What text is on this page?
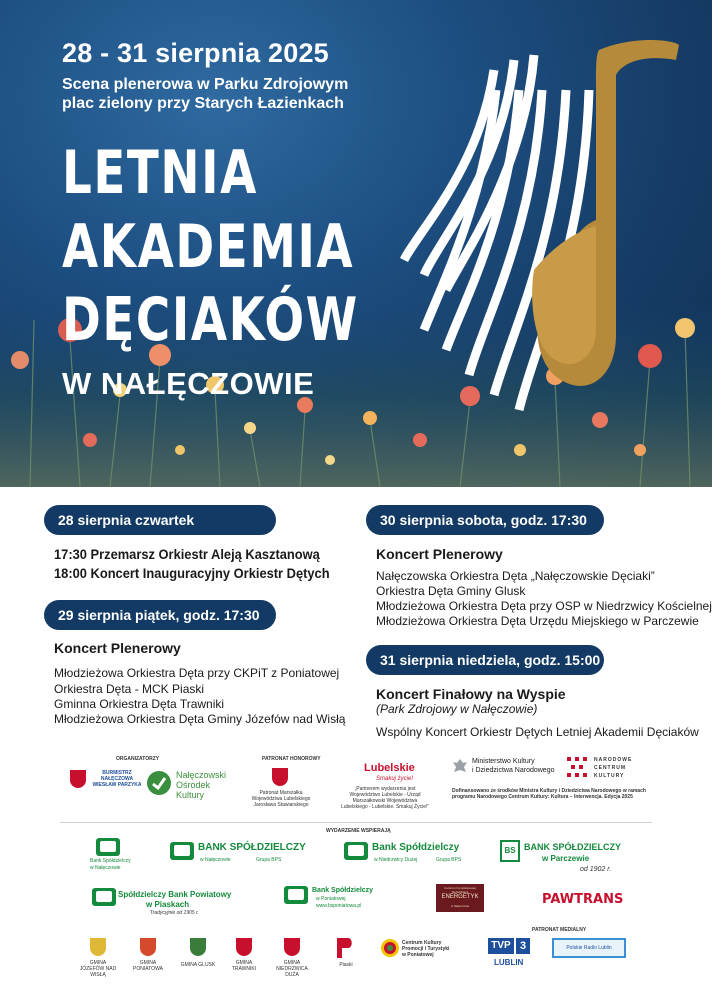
28 - 31 sierpnia 2025
Scena plenerowa w Parku Zdrojowym
plac zielony przy Starych Łazienkach
LETNIA
AKADEMIA
DĘCIAKÓW
W NAŁĘCZOWIE
28 sierpnia czwartek
17:30 Przemarsz Orkiestr Aleją Kasztanową
18:00 Koncert Inauguracyjny Orkiestr Dętych
29 sierpnia piątek, godz. 17:30
Koncert Plenerowy
Młodzieżowa Orkiestra Dęta przy CKPiT z Poniatowej
Orkiestra Dęta - MCK Piaski
Gminna Orkiestra Dęta Trawniki
Młodzieżowa Orkiestra Dęta Gminy Józefów nad Wisłą
30 sierpnia sobota, godz. 17:30
Koncert Plenerowy
Nałęczowska Orkiestra Dęta „Nałęczowskie Dęciaki”
Orkiestra Dęta Gminy Glusk
Młodzieżowa Orkiestra Dęta przy OSP w Niedrzwicy Kościelnej
Młodzieżowa Orkiestra Dęta Urzędu Miejskiego w Parczewie
31 sierpnia niedziela, godz. 15:00
Koncert Finałowy na Wyspie
(Park Zdrojowy w Nałęczowie)
Wspólny Koncert Orkiestr Dętych Letniej Akademii Dęciaków
ORGANIZATORZY
BURMISTRZ NAŁĘCZOWA WIESŁAW PARZYKA
Nałęczowski
Ośrodek
Kultury
PATRONAT HONOROWY
Patronat Marszałka Województwa Lubelskiego Jarosława Stawiarskiego
Lubelskie
Smakuj życie!
„Partnerem wydarzenia jest Województwo Lubelskie - Urząd Marszałkowski Województwa Lubelskiego - Lubelskie. Smakuj Życie!”
Ministerstwo Kultury
i Dziedzictwa Narodowego
NARODOWE
CENTRUM
KULTURY
Dofinansowano ze środków Ministra Kultury i Dziedzictwa Narodowego w ramach programu Narodowego Centrum Kultury: Kultura – Interwencja. Edycja 2025
WYDARZENIE WSPIERAJĄ
Bank Spółdzielczy
w Nałęczowie
BANK SPÓŁDZIELCZY
w Nałęczowie	Grupa BPS
Bank Spółdzielczy
w Niedrzwicy Dużej	Grupa BPS
BS BANK SPÓŁDZIELCZY
w Parczewie
od 1902 r.
Spółdzielczy Bank Powiatowy
w Piaskach
Tradycyjnie od 1905 r.
Bank Spółdzielczy
w Poniatowej
www.bsponiatowa.pl
Centrum Kompleksowej Rehabilitacji
ENERGETYK
w Nałęczowie	PAWTRANS
PATRONAT MEDIALNY
GMINA JÓZEFÓW NAD WISŁĄ
GMINA PONIATOWA
GMINA GLUSK	GMINA TRAWNIKI
GMINA NIEDRZWICA DUŻA
Piaski
Centrum Kultury Promocji i Turystyki w Poniatowej
TVP 3
LUBLIN
Polskie Radio Lublin
